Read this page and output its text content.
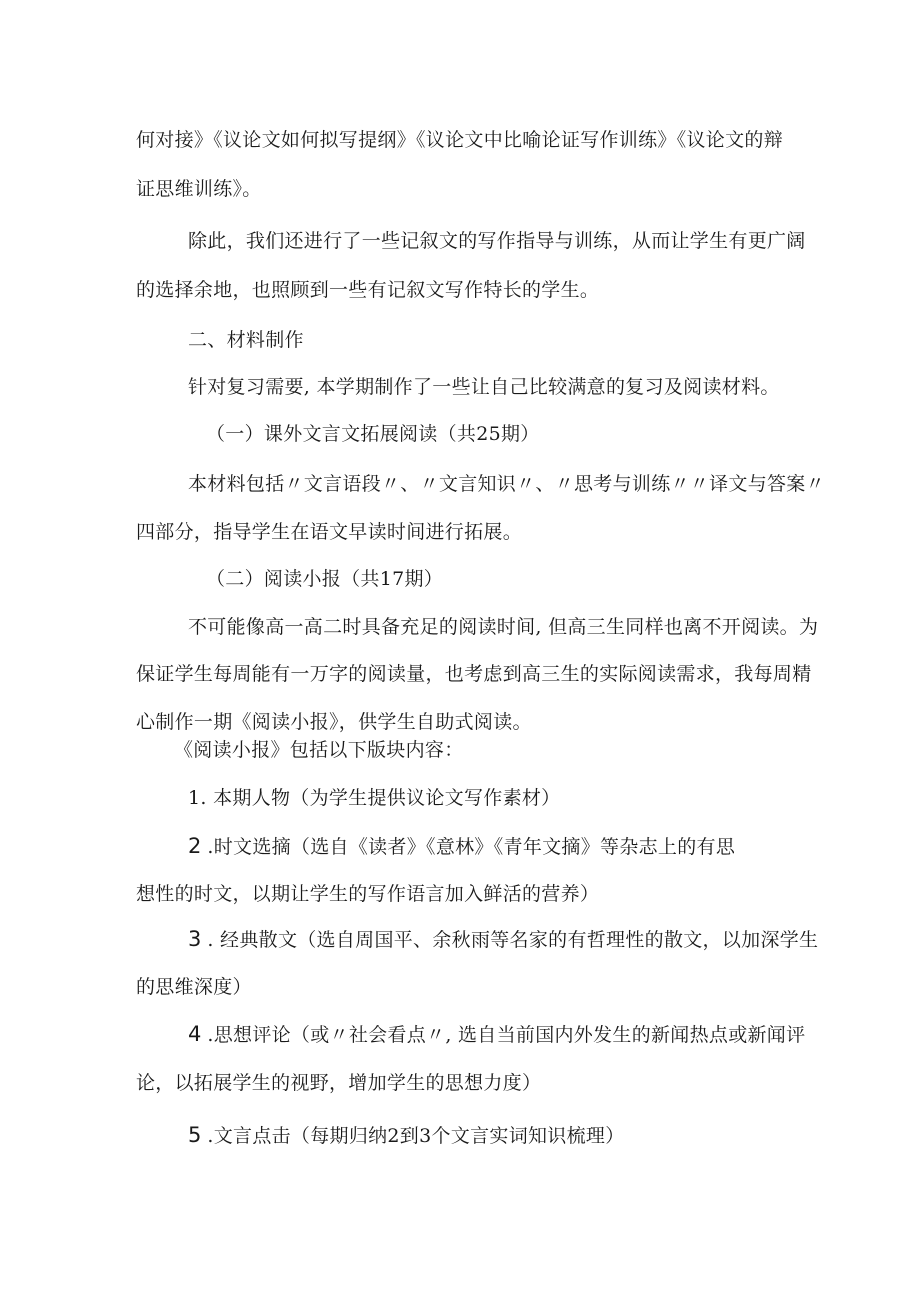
何对接》《议论文如何拟写提纲》《议论文中比喻论证写作训练》《议论文的辩
证思维训练》。
除此，我们还进行了一些记叙文的写作指导与训练，从而让学生有更广阔
的选择余地，也照顾到一些有记叙文写作特长的学生。
二、材料制作
针对复习需要, 本学期制作了一些让自己比较满意的复习及阅读材料。
（一）课外文言文拓展阅读（共25期）
本材料包括〃文言语段〃、〃文言知识〃、〃思考与训练〃〃译文与答案〃
四部分，指导学生在语文早读时间进行拓展。
（二）阅读小报（共17期）
不可能像高一高二时具备充足的阅读时间, 但高三生同样也离不开阅读。为
保证学生每周能有一万字的阅读量，也考虑到高三生的实际阅读需求，我每周精
心制作一期《阅读小报》，供学生自助式阅读。
《阅读小报》包括以下版块内容：
1. 本期人物（为学生提供议论文写作素材）
2.时文选摘（选自《读者》《意林》《青年文摘》等杂志上的有思
想性的时文，以期让学生的写作语言加入鲜活的营养）
3. 经典散文（选自周国平、余秋雨等名家的有哲理性的散文，以加深学生
的思维深度）
4.思想评论（或〃社会看点〃, 选自当前国内外发生的新闻热点或新闻评
论，以拓展学生的视野，增加学生的思想力度）
5.文言点击（每期归纳2到3个文言实词知识梳理）
